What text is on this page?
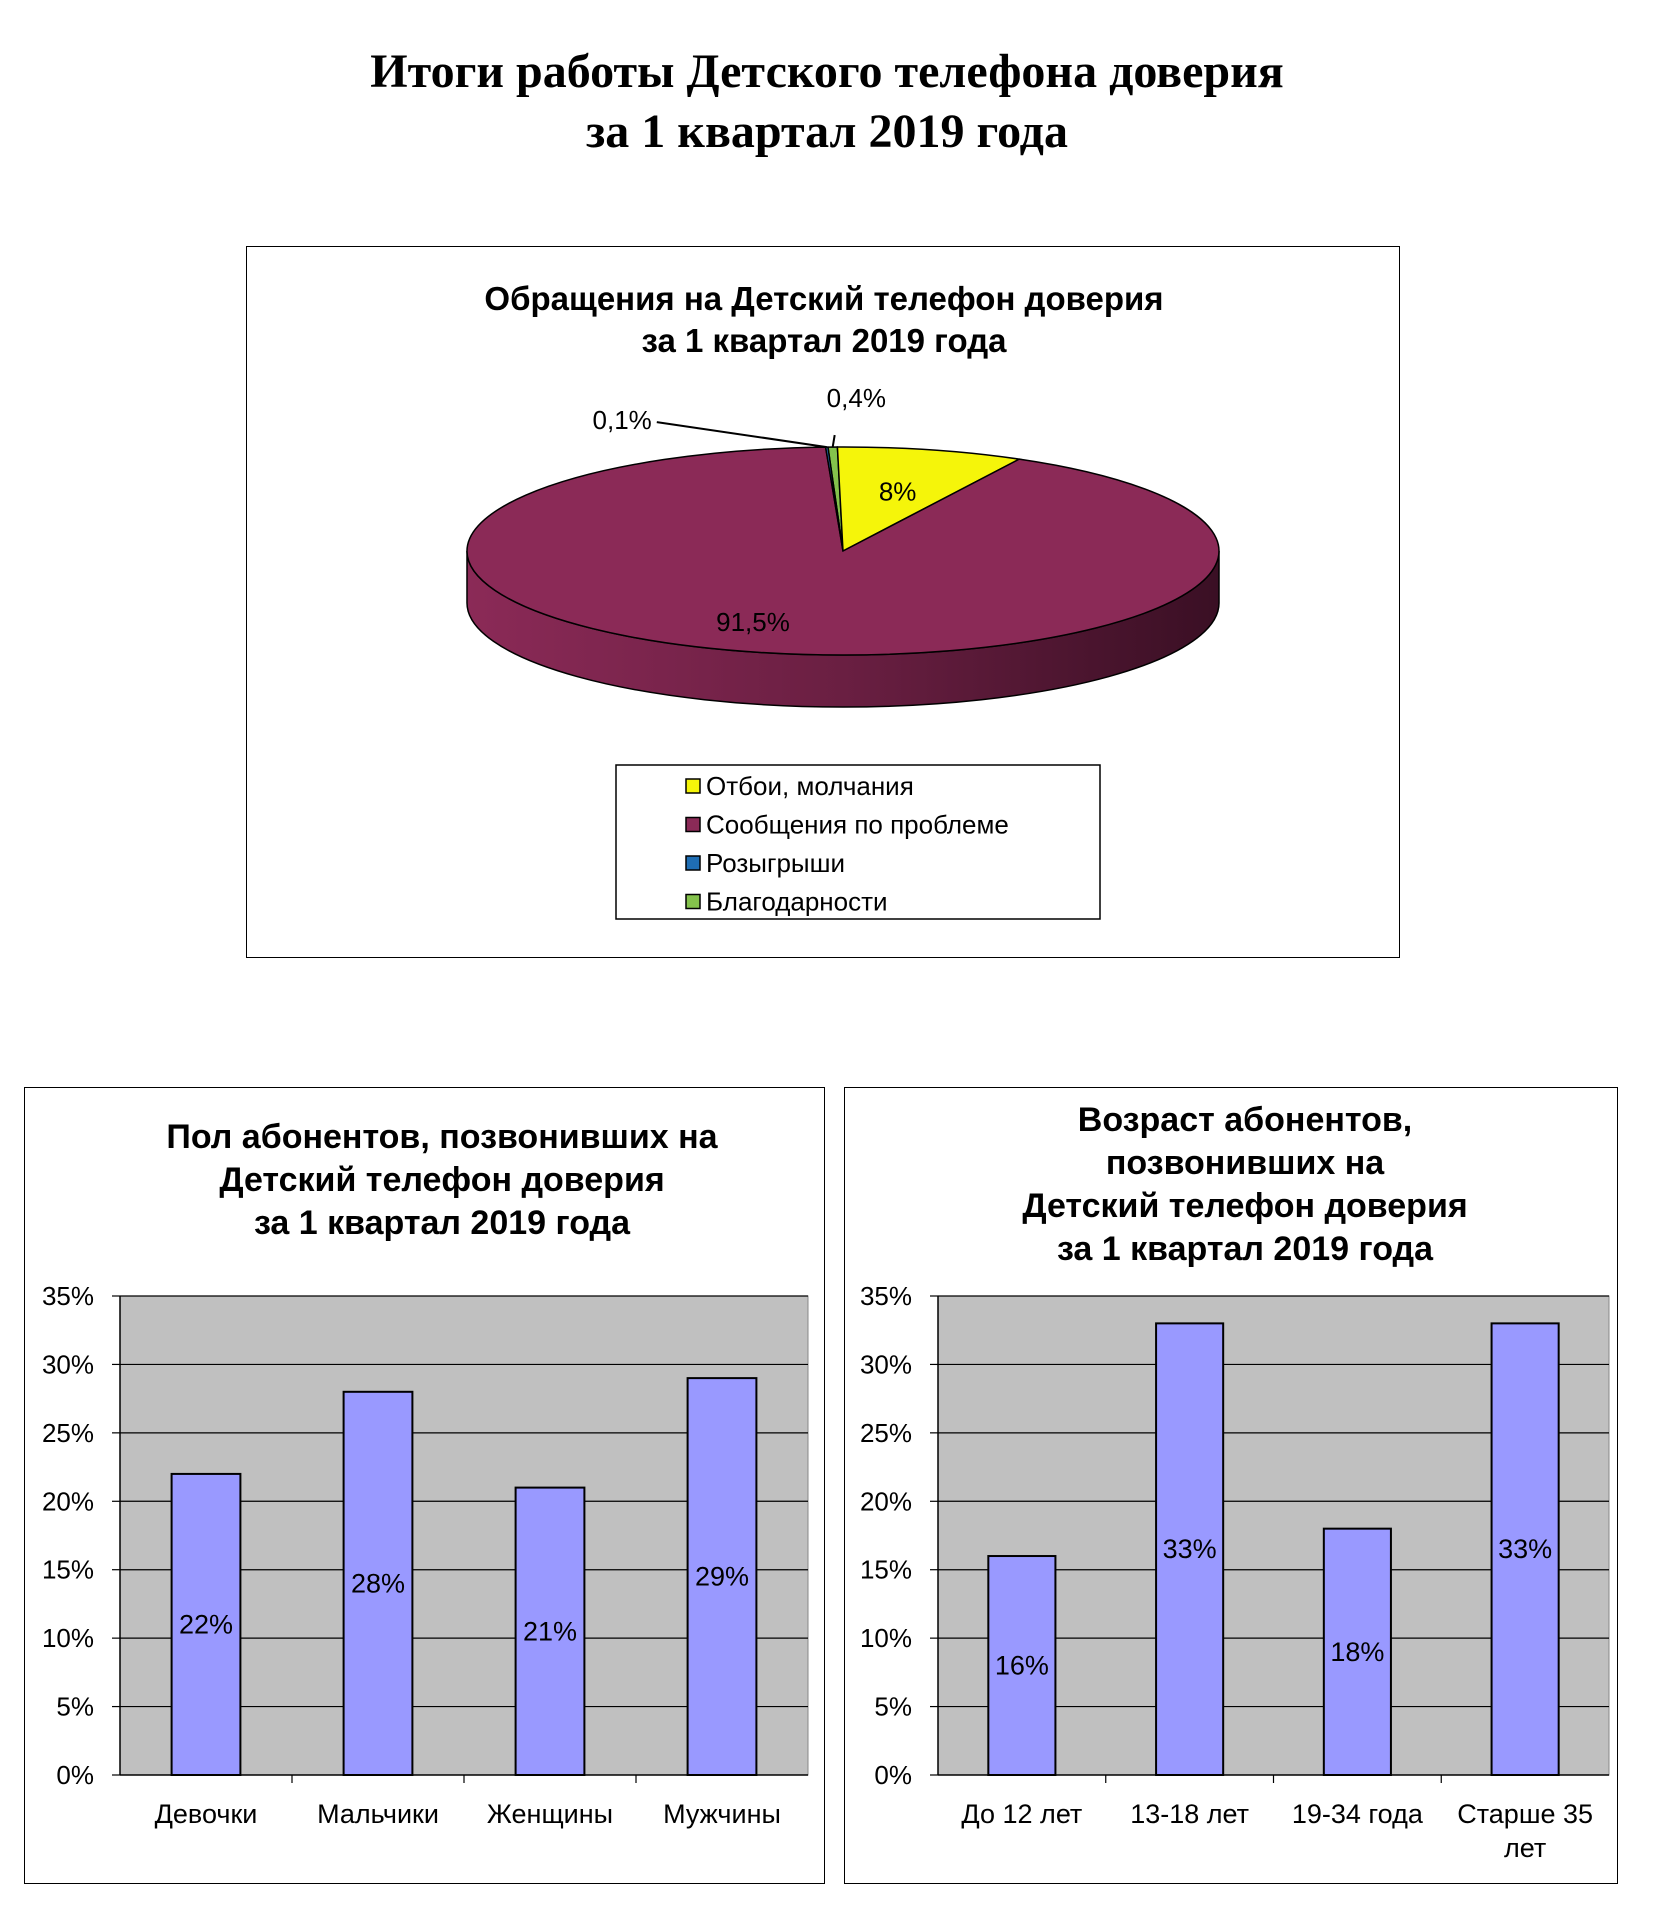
Итоги работы Детского телефона доверия
за 1 квартал 2019 года
Обращения на Детский телефон доверия
за 1 квартал 2019 года
8%
91,5%
0,4%
0,1%
Отбои, молчания
Сообщения по проблеме
Розыгрыши
Благодарности
Пол абонентов, позвонивших на
Детский телефон доверия
за 1 квартал 2019 года
0%
5%
10%
15%
20%
25%
30%
35%
22%
Девочки
28%
Мальчики
21%
Женщины
29%
Мужчины
Возраст абонентов,
позвонивших на
Детский телефон доверия
за 1 квартал 2019 года
0%
5%
10%
15%
20%
25%
30%
35%
16%
До 12 лет
33%
13-18 лет
18%
19-34 года
33%
Старше 35
лет
